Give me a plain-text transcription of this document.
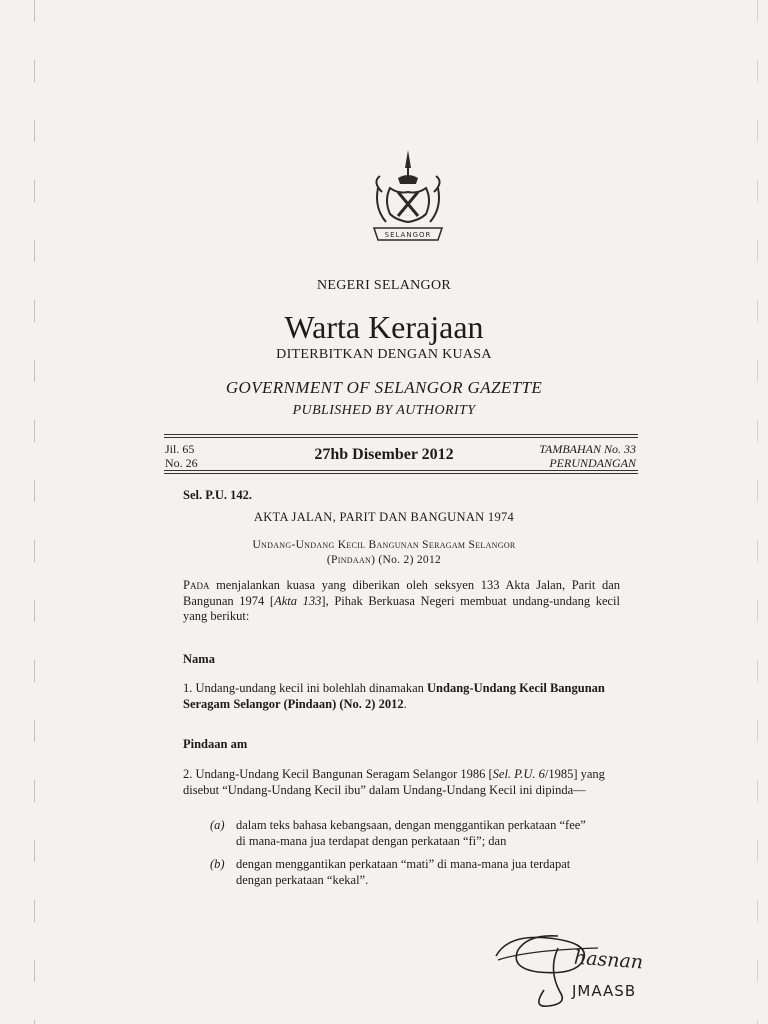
SELANGOR
NEGERI SELANGOR
Warta Kerajaan
DITERBITKAN DENGAN KUASA
GOVERNMENT OF SELANGOR GAZETTE
PUBLISHED BY AUTHORITY
Jil. 65
No. 26	27hb Disember 2012	TAMBAHAN No. 33
PERUNDANGAN
Sel. P.U. 142.
AKTA JALAN, PARIT DAN BANGUNAN 1974
Undang-Undang Kecil Bangunan Seragam Selangor
(Pindaan) (No. 2) 2012
Pada menjalankan kuasa yang diberikan oleh seksyen 133 Akta Jalan, Parit dan Bangunan 1974 [Akta 133], Pihak Berkuasa Negeri membuat undang-undang kecil yang berikut:
Nama
1. Undang-undang kecil ini bolehlah dinamakan Undang-Undang Kecil Bangunan Seragam Selangor (Pindaan) (No. 2) 2012.
Pindaan am
2. Undang-Undang Kecil Bangunan Seragam Selangor 1986 [Sel. P.U. 6/1985] yang disebut “Undang-Undang Kecil ibu” dalam Undang-Undang Kecil ini dipinda—
(a) dalam teks bahasa kebangsaan, dengan menggantikan perkataan “fee”
di mana-mana jua terdapat dengan perkataan “fi”; dan
(b) dengan menggantikan perkataan “mati” di mana-mana jua terdapat
dengan perkataan “kekal”.
hasnan
JMAASB
